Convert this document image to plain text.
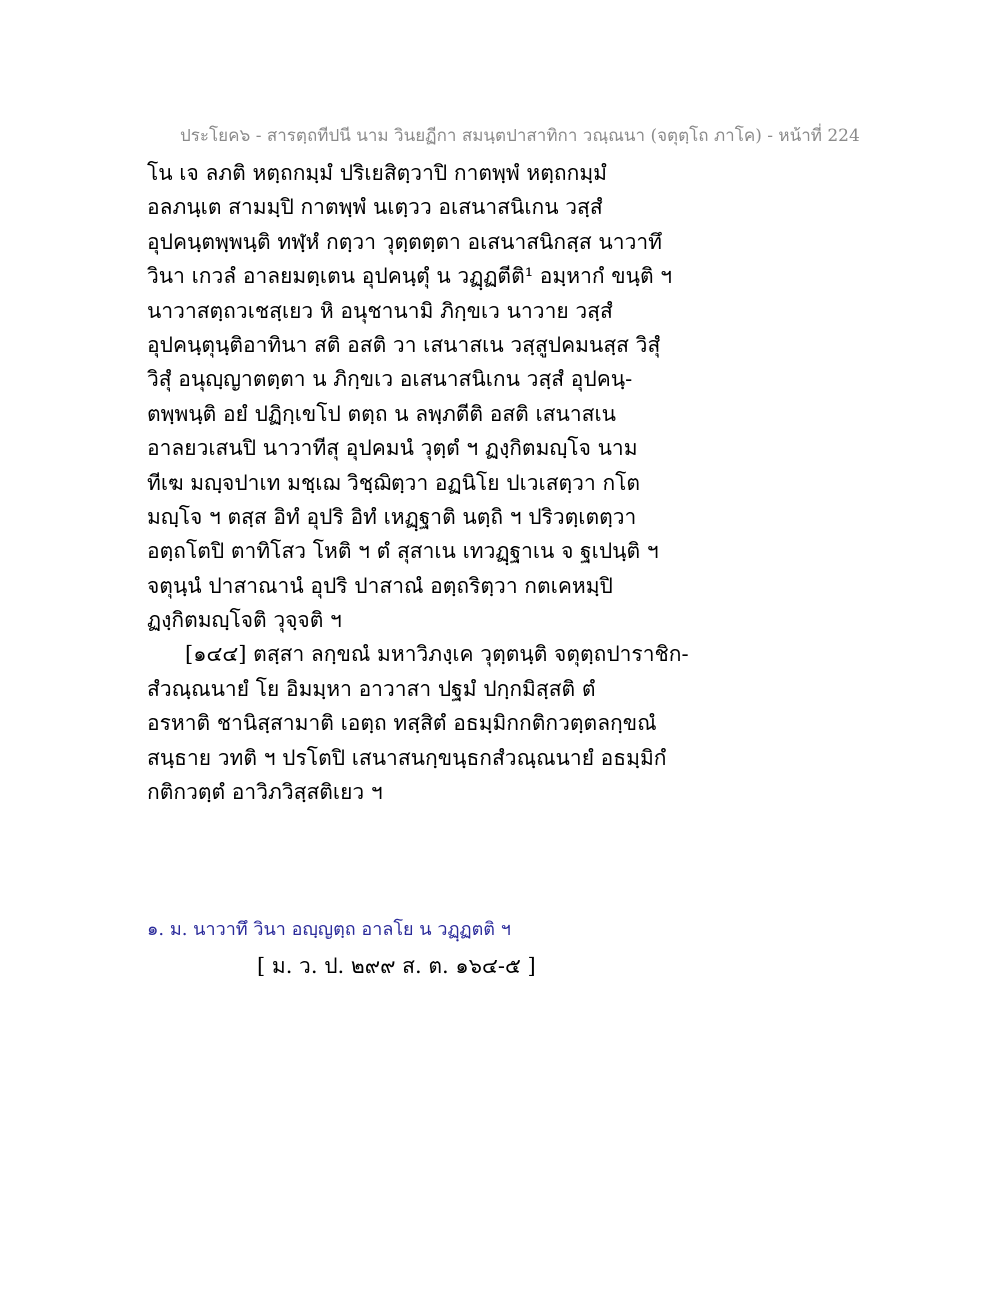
ประโยค๖ - สารตฺถทีปนี นาม วินยฏีกา สมนฺตปาสาทิกา วณฺณนา (จตุตฺโถ ภาโค) - หน้าที่ 224
โน เจ ลภติ หตฺถกมฺมํ ปริเยสิตฺวาปิ กาตพฺพํ หตฺถกมฺมํ
อลภนฺเต สามมฺปิ กาตพฺพํ นเตฺวว อเสนาสนิเกน วสฺสํ
อุปคนฺตพฺพนฺติ ทฬฺหํ กตฺวา วุตฺตตฺตา อเสนาสนิกสฺส นาวาทึ
วินา เกวลํ อาลยมตฺเตน อุปคนฺตุํ น วฏฺฏตีติ¹ อมฺหากํ ขนฺติ ฯ
นาวาสตฺถวเชสฺเยว หิ อนุชานามิ ภิกฺขเว นาวาย วสฺสํ
อุปคนฺตุนฺติอาทินา สติ อสติ วา เสนาสเน วสฺสูปคมนสฺส วิสุํ
วิสุํ อนุญฺญาตตฺตา น ภิกฺขเว อเสนาสนิเกน วสฺสํ อุปคนฺ-
ตพฺพนฺติ อยํ ปฏิกฺเขโป ตตฺถ น ลพฺภตีติ อสติ เสนาสเน
อาลยวเสนปิ นาวาทีสุ อุปคมนํ วุตฺตํ ฯ ฏงฺกิตมญฺโจ นาม
ทีเฆ มญฺจปาเท มชฺเฌ วิชฺฌิตฺวา อฏนิโย ปเวเสตฺวา กโต
มญฺโจ ฯ ตสฺส อิทํ อุปริ อิทํ เหฏฺฐาติ นตฺถิ ฯ ปริวตฺเตตฺวา
อตฺถโตปิ ตาทิโสว โหติ ฯ ตํ สุสาเน เทวฏฺฐาเน จ ฐเปนฺติ ฯ
จตุนฺนํ ปาสาณานํ อุปริ ปาสาณํ อตฺถริตฺวา กตเคหมฺปิ
ฏงฺกิตมญฺโจติ วุจฺจติ ฯ
[๑๔๔] ตสฺสา ลกฺขณํ มหาวิภงฺเค วุตฺตนฺติ จตุตฺถปาราชิก-
สํวณฺณนายํ โย อิมมฺหา อาวาสา ปฐมํ ปกฺกมิสฺสติ ตํ
อรหาติ ชานิสฺสามาติ เอตฺถ ทสฺสิตํ อธมฺมิกกติกวตฺตลกฺขณํ
สนฺธาย วทติ ฯ ปรโตปิ เสนาสนกฺขนฺธกสํวณฺณนายํ อธมฺมิกํ
กติกวตฺตํ อาวิภวิสฺสติเยว ฯ
๑. ม. นาวาทึ วินา อญฺญตฺถ อาลโย น วฏฺฏตติ ฯ
[ ม. ว. ป. ๒๙๙ ส. ต. ๑๖๔-๕ ]
